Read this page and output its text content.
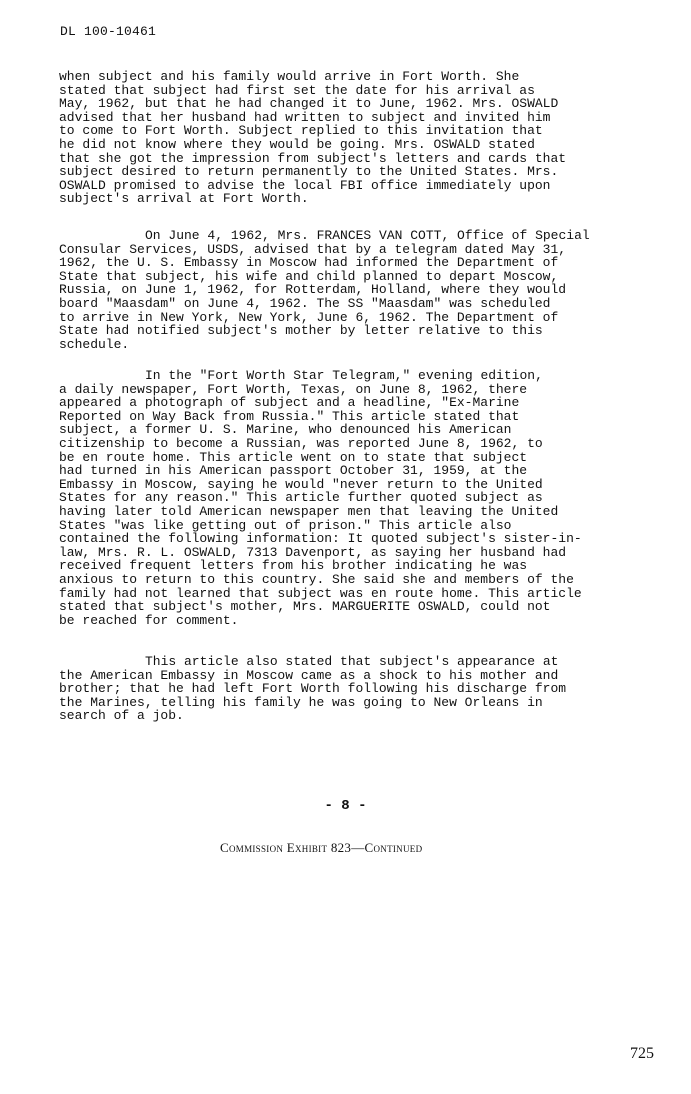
DL 100-10461
when subject and his family would arrive in Fort Worth. She
stated that subject had first set the date for his arrival as
May, 1962, but that he had changed it to June, 1962. Mrs. OSWALD
advised that her husband had written to subject and invited him
to come to Fort Worth. Subject replied to this invitation that
he did not know where they would be going. Mrs. OSWALD stated
that she got the impression from subject's letters and cards that
subject desired to return permanently to the United States. Mrs.
OSWALD promised to advise the local FBI office immediately upon
subject's arrival at Fort Worth.
On June 4, 1962, Mrs. FRANCES VAN COTT, Office of Special
Consular Services, USDS, advised that by a telegram dated May 31,
1962, the U. S. Embassy in Moscow had informed the Department of
State that subject, his wife and child planned to depart Moscow,
Russia, on June 1, 1962, for Rotterdam, Holland, where they would
board "Maasdam" on June 4, 1962. The SS "Maasdam" was scheduled
to arrive in New York, New York, June 6, 1962. The Department of
State had notified subject's mother by letter relative to this
schedule.
In the "Fort Worth Star Telegram," evening edition,
a daily newspaper, Fort Worth, Texas, on June 8, 1962, there
appeared a photograph of subject and a headline, "Ex-Marine
Reported on Way Back from Russia." This article stated that
subject, a former U. S. Marine, who denounced his American
citizenship to become a Russian, was reported June 8, 1962, to
be en route home. This article went on to state that subject
had turned in his American passport October 31, 1959, at the
Embassy in Moscow, saying he would "never return to the United
States for any reason." This article further quoted subject as
having later told American newspaper men that leaving the United
States "was like getting out of prison." This article also
contained the following information: It quoted subject's sister-in-
law, Mrs. R. L. OSWALD, 7313 Davenport, as saying her husband had
received frequent letters from his brother indicating he was
anxious to return to this country. She said she and members of the
family had not learned that subject was en route home. This article
stated that subject's mother, Mrs. MARGUERITE OSWALD, could not
be reached for comment.
This article also stated that subject's appearance at
the American Embassy in Moscow came as a shock to his mother and
brother; that he had left Fort Worth following his discharge from
the Marines, telling his family he was going to New Orleans in
search of a job.
- 8 -
Commission Exhibit 823—Continued
725
